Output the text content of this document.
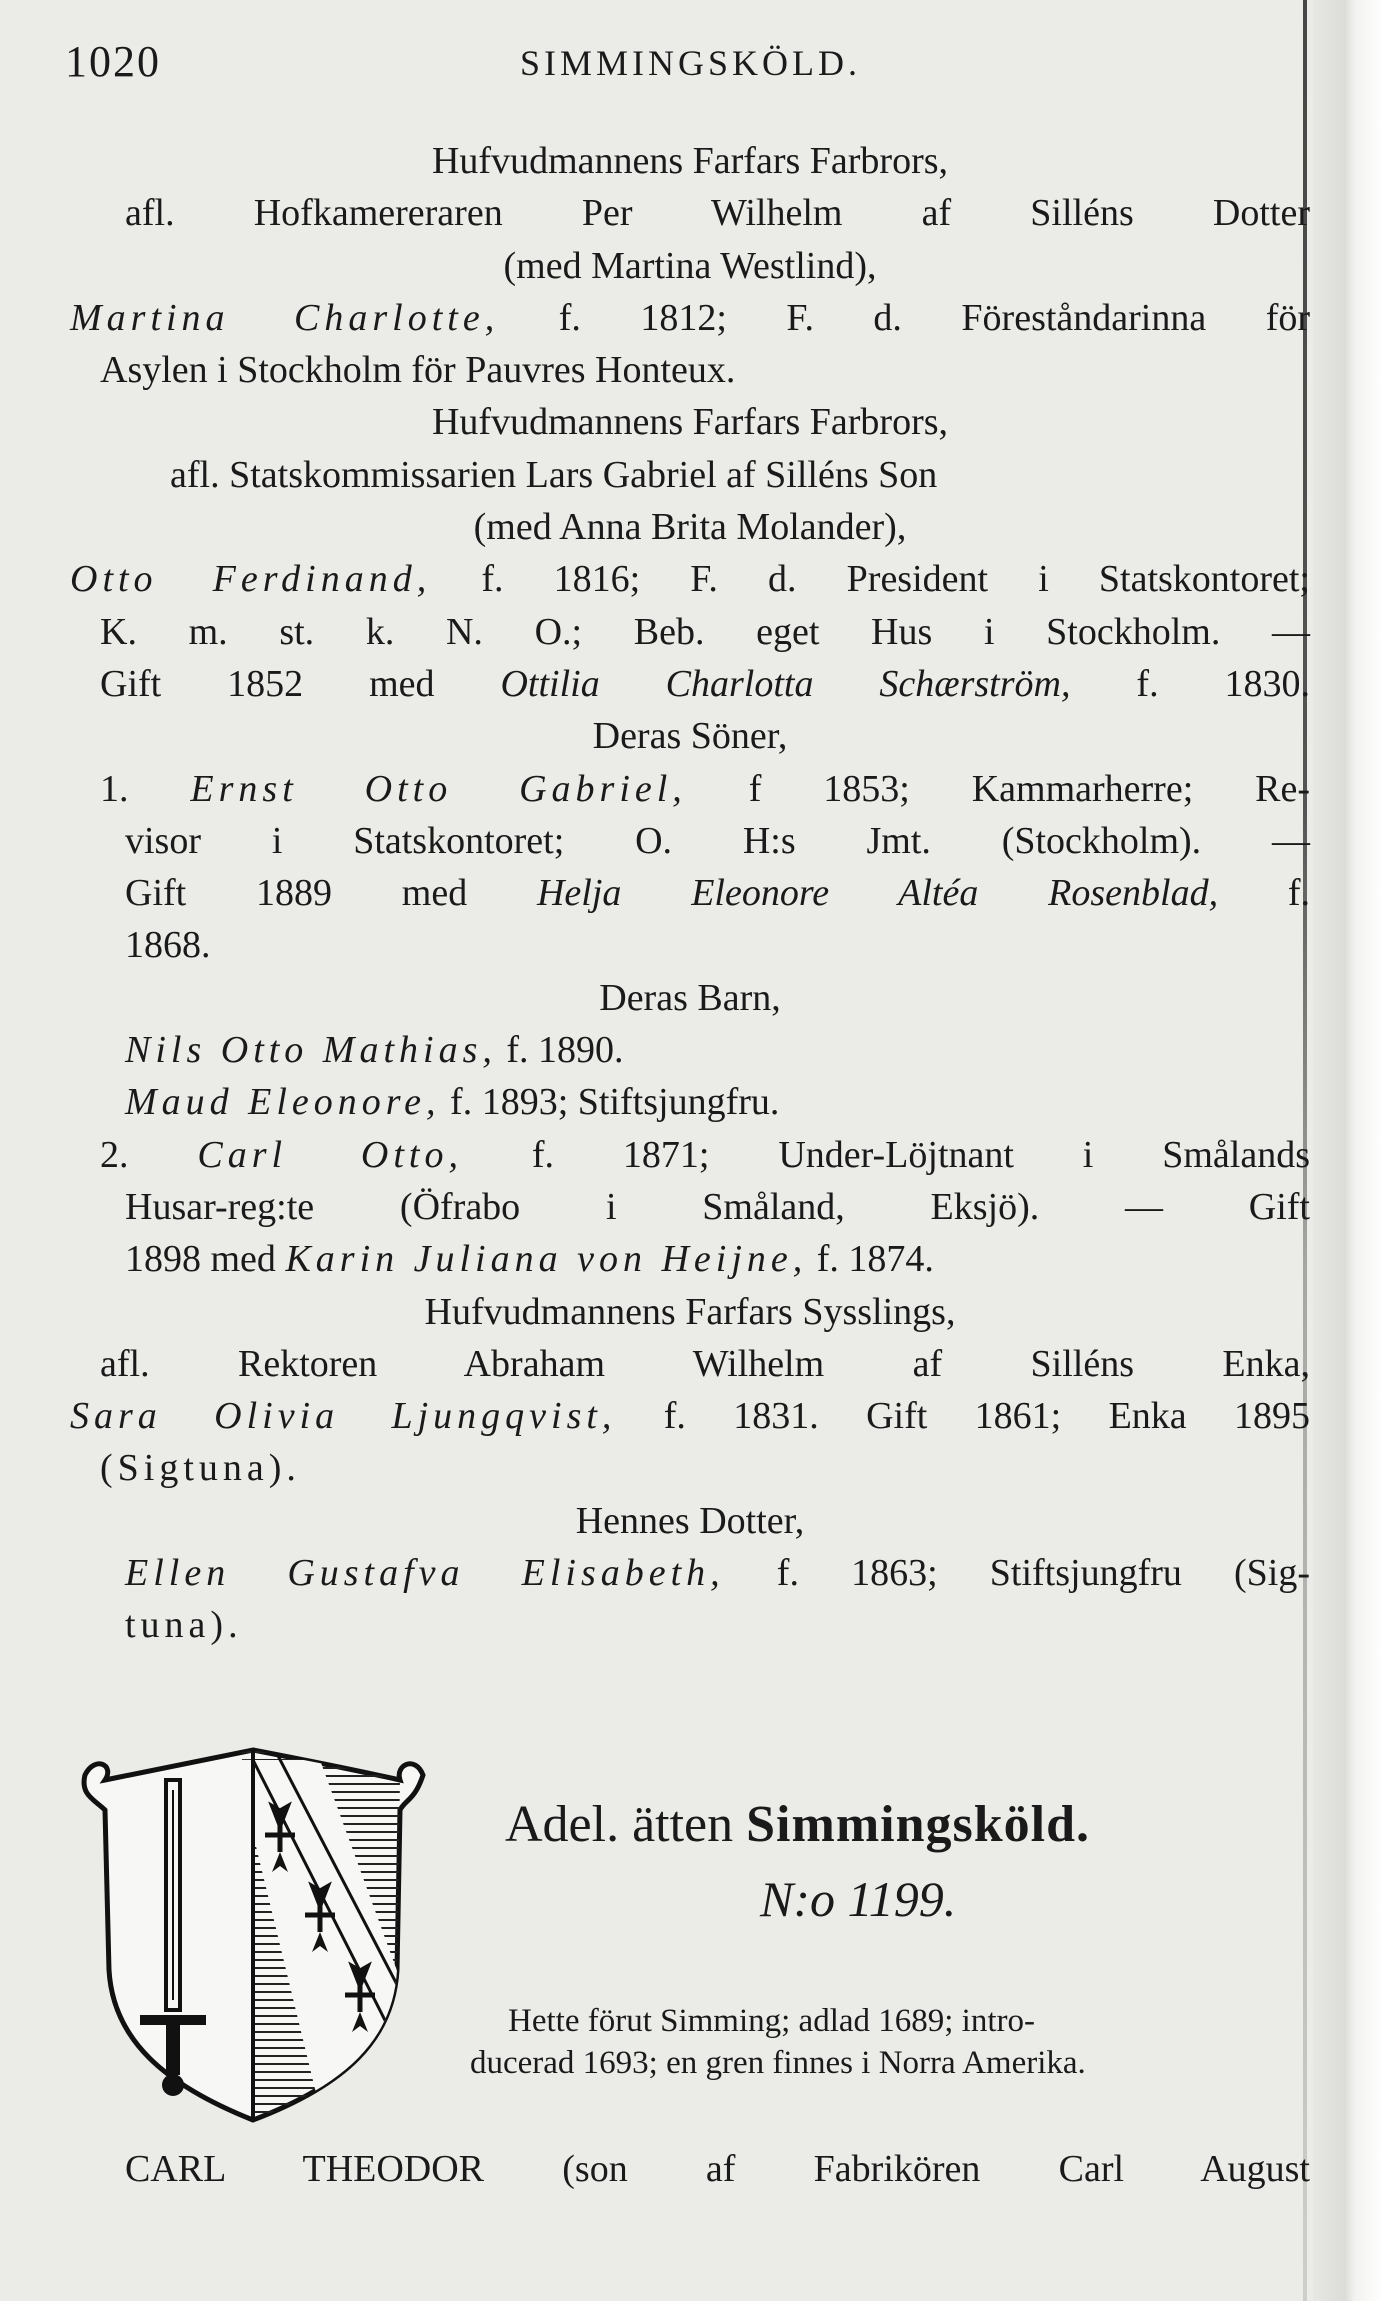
1020	SIMMINGSKÖLD.
Hufvudmannens Farfars Farbrors,
afl. Hofkamereraren Per Wilhelm af Silléns Dotter
(med Martina Westlind),
Martina Charlotte, f. 1812; F. d. Föreståndarinna för
Asylen i Stockholm för Pauvres Honteux.
Hufvudmannens Farfars Farbrors,
afl. Statskommissarien Lars Gabriel af Silléns Son
(med Anna Brita Molander),
Otto Ferdinand, f. 1816; F. d. President i Statskontoret;
K. m. st. k. N. O.; Beb. eget Hus i Stockholm. —
Gift 1852 med Ottilia Charlotta Schærström, f. 1830.
Deras Söner,
1. Ernst Otto Gabriel, f 1853; Kammarherre; Re-
visor i Statskontoret; O. H:s Jmt. (Stockholm). —
Gift 1889 med Helja Eleonore Altéa Rosenblad, f.
1868.
Deras Barn,
Nils Otto Mathias, f. 1890.
Maud Eleonore, f. 1893; Stiftsjungfru.
2. Carl Otto, f. 1871; Under-Löjtnant i Smålands
Husar-reg:te (Öfrabo i Småland, Eksjö). — Gift
1898 med Karin Juliana von Heijne, f. 1874.
Hufvudmannens Farfars Sysslings,
afl. Rektoren Abraham Wilhelm af Silléns Enka,
Sara Olivia Ljungqvist, f. 1831. Gift 1861; Enka 1895
(Sigtuna).
Hennes Dotter,
Ellen Gustafva Elisabeth, f. 1863; Stiftsjungfru (Sig-
tuna).
Adel. ätten Simmingsköld.
N:o 1199.
Hette förut Simming; adlad 1689; intro-
ducerad 1693; en gren finnes i Norra Amerika.
CARL THEODOR (son af Fabrikören Carl August
